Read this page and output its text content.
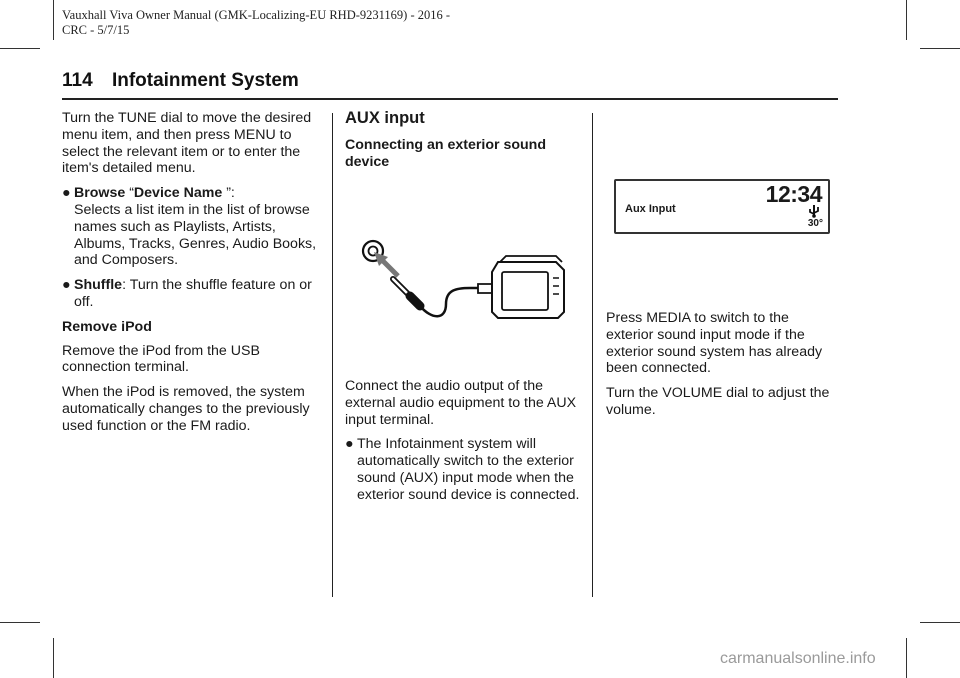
Vauxhall Viva Owner Manual (GMK-Localizing-EU RHD-9231169) - 2016 -
CRC - 5/7/15
114 Infotainment System

Turn the TUNE dial to move the desired menu item, and then press MENU to select the relevant item or to enter the item's detailed menu.

● Browse “Device Name ”:
Selects a list item in the list of browse names such as Playlists, Artists, Albums, Tracks, Genres, Audio Books, and Composers.
● Shuffle: Turn the shuffle feature on or off.
Remove iPod

Remove the iPod from the USB connection terminal.

When the iPod is removed, the system automatically changes to the previously used function or the FM radio.

AUX input
Connecting an exterior sound device

Connect the audio output of the external audio equipment to the AUX input terminal.

● The Infotainment system will automatically switch to the exterior sound (AUX) input mode when the exterior sound device is connected.
12:34
Aux Input
30°

Press MEDIA to switch to the exterior sound input mode if the exterior sound system has already been connected.

Turn the VOLUME dial to adjust the volume.

carmanualsonline.info
